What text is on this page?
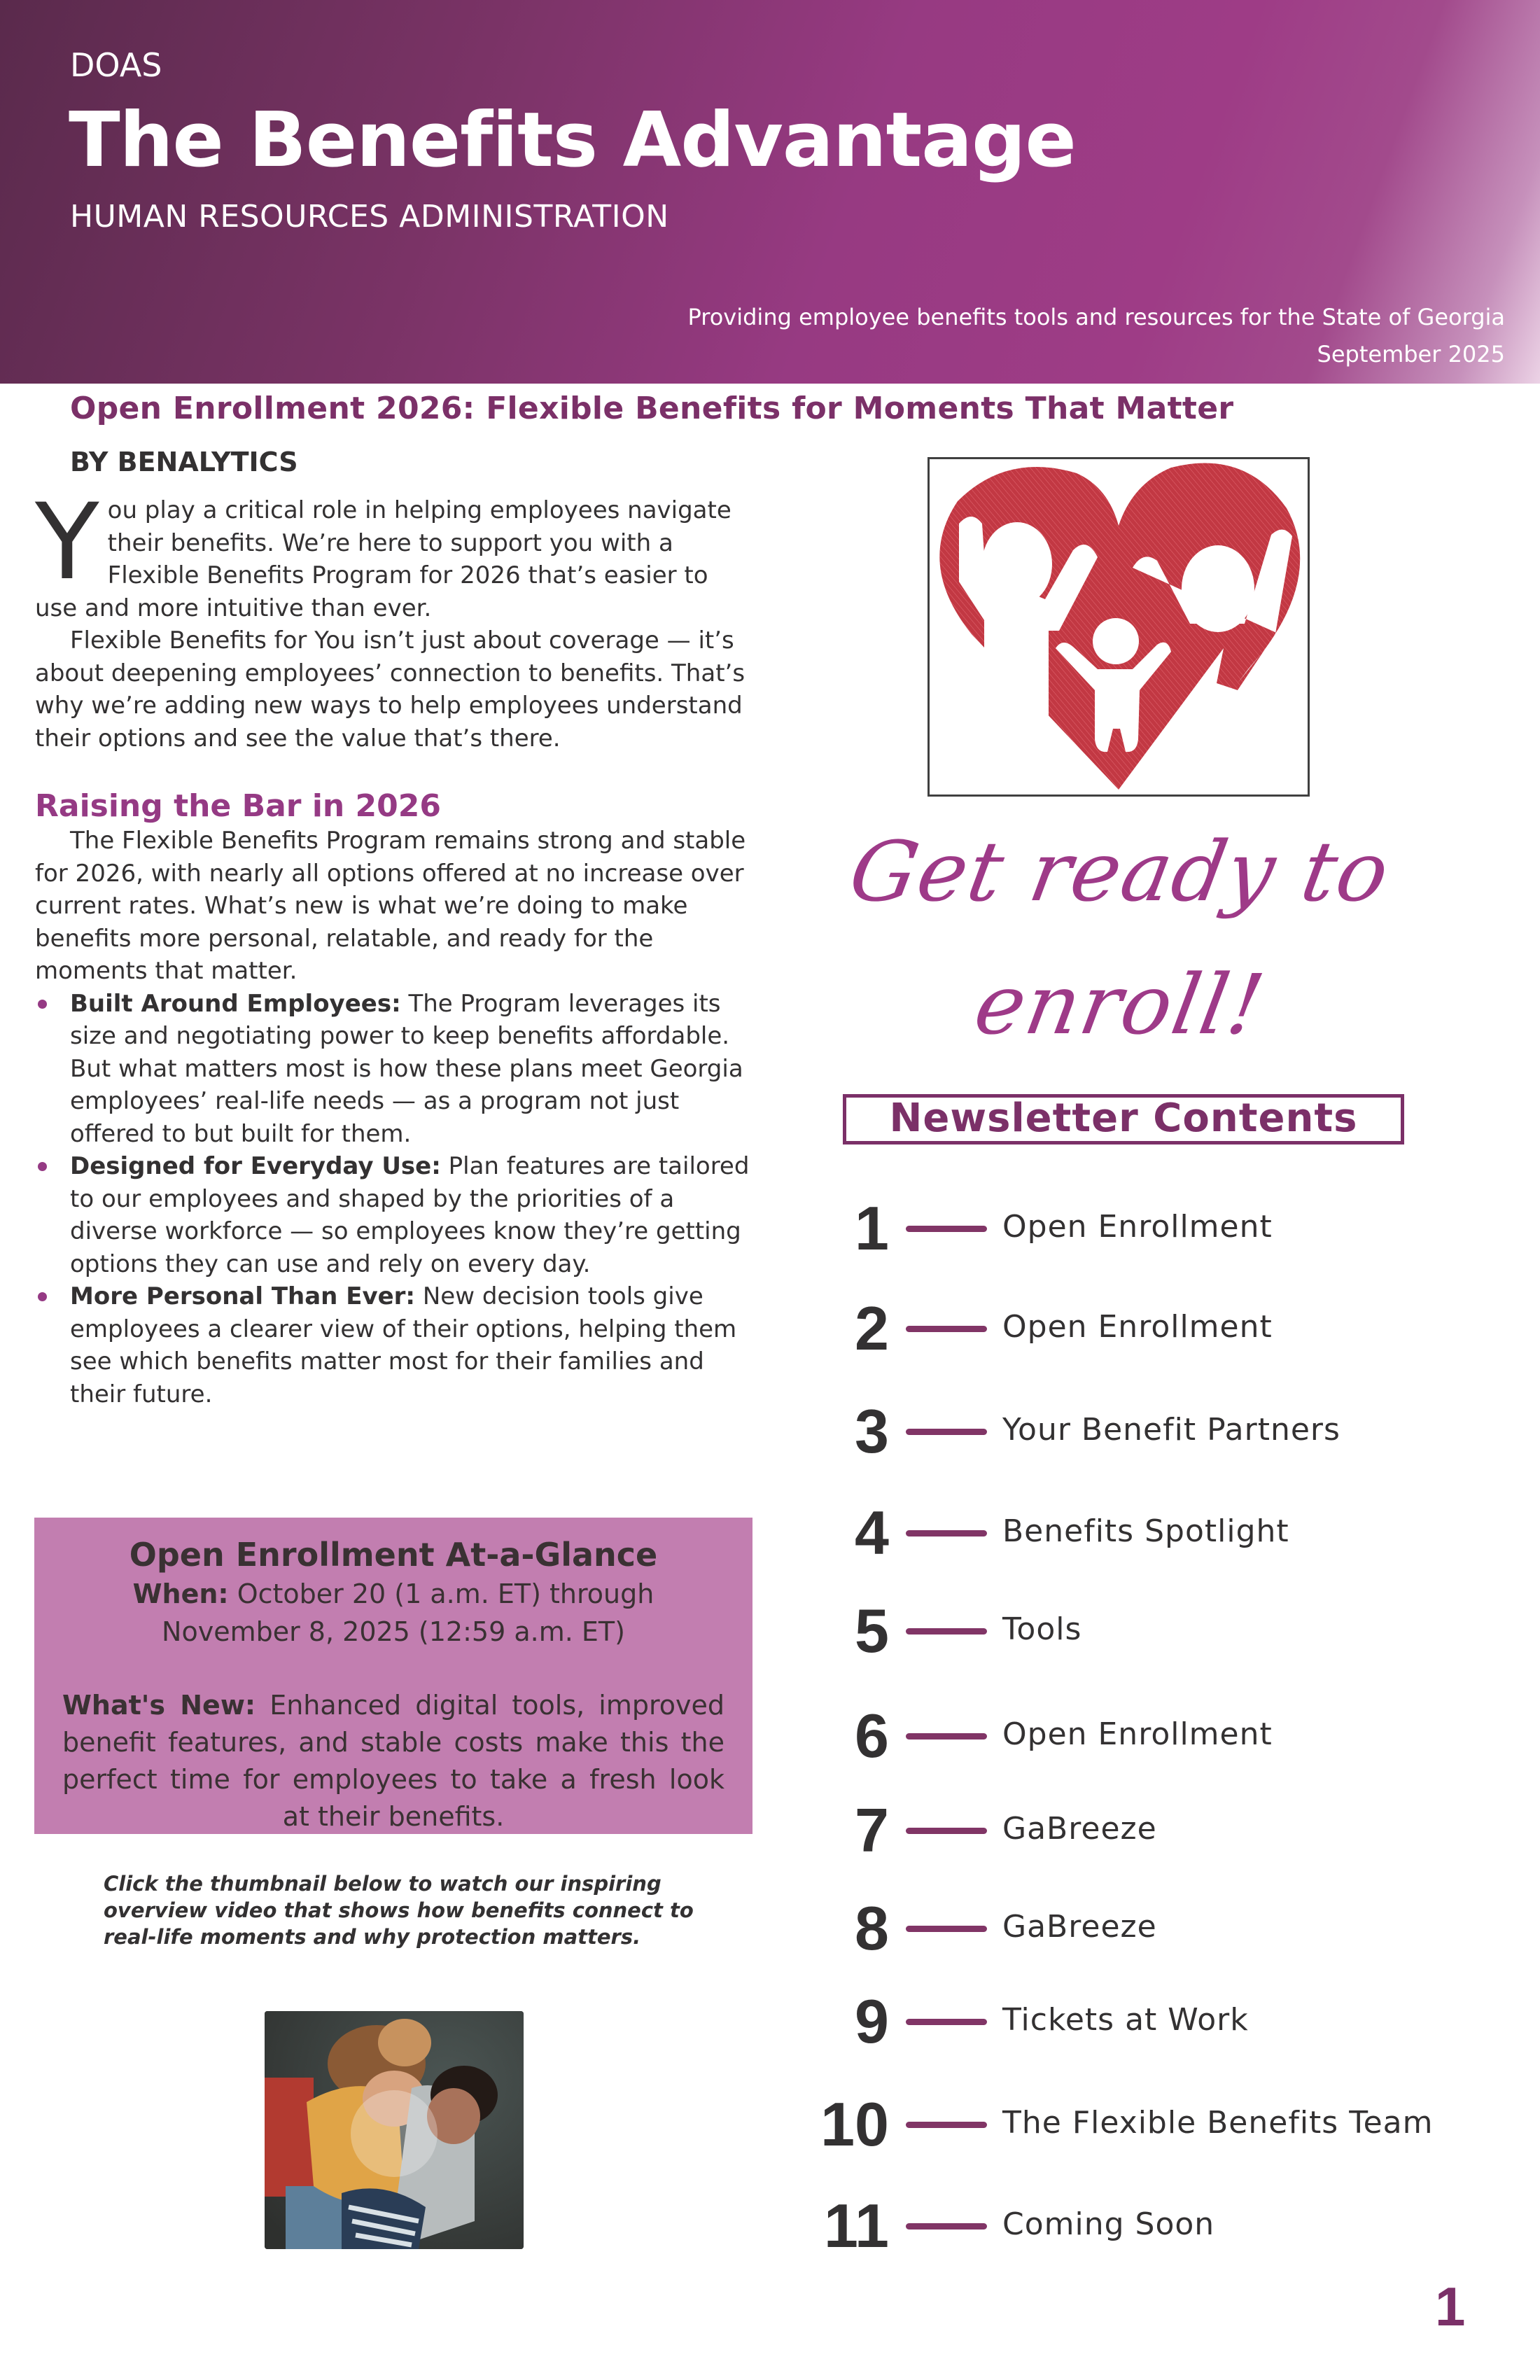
DOAS
The Benefits Advantage
HUMAN RESOURCES ADMINISTRATION
Providing employee benefits tools and resources for the State of Georgia
September 2025
Open Enrollment 2026: Flexible Benefits for Moments That Matter
BY BENALYTICS
Y ou play a critical role in helping employees navigate their benefits. We’re here to support you with a Flexible Benefits Program for 2026 that’s easier to use and more intuitive than ever.

Flexible Benefits for You isn’t just about coverage — it’s about deepening employees’ connection to benefits. That’s why we’re adding new ways to help employees understand their options and see the value that’s there.

Raising the Bar in 2026

The Flexible Benefits Program remains strong and stable for 2026, with nearly all options offered at no increase over current rates. What’s new is what we’re doing to make benefits more personal, relatable, and ready for the moments that matter.

Built Around Employees: The Program leverages its size and negotiating power to keep benefits affordable. But what matters most is how these plans meet Georgia employees’ real-life needs — as a program not just offered to but built for them.
Designed for Everyday Use: Plan features are tailored to our employees and shaped by the priorities of a diverse workforce — so employees know they’re getting options they can use and rely on every day.
More Personal Than Ever: New decision tools give employees a clearer view of their options, helping them see which benefits matter most for their families and their future.
Open Enrollment At-a-Glance
When: October 20 (1 a.m. ET) through November 8, 2025 (12:59 a.m. ET)
What's New: Enhanced digital tools, improved benefit features, and stable costs make this the perfect time for employees to take a fresh look at their benefits.
Click the thumbnail below to watch our inspiring overview video that shows how benefits connect to real-life moments and why protection matters.
Get ready to
enroll!
Newsletter Contents
1	Open Enrollment
2	Open Enrollment
3	Your Benefit Partners
4	Benefits Spotlight
5	Tools
6	Open Enrollment
7	GaBreeze
8	GaBreeze
9	Tickets at Work
10	The Flexible Benefits Team
11	Coming Soon
1
